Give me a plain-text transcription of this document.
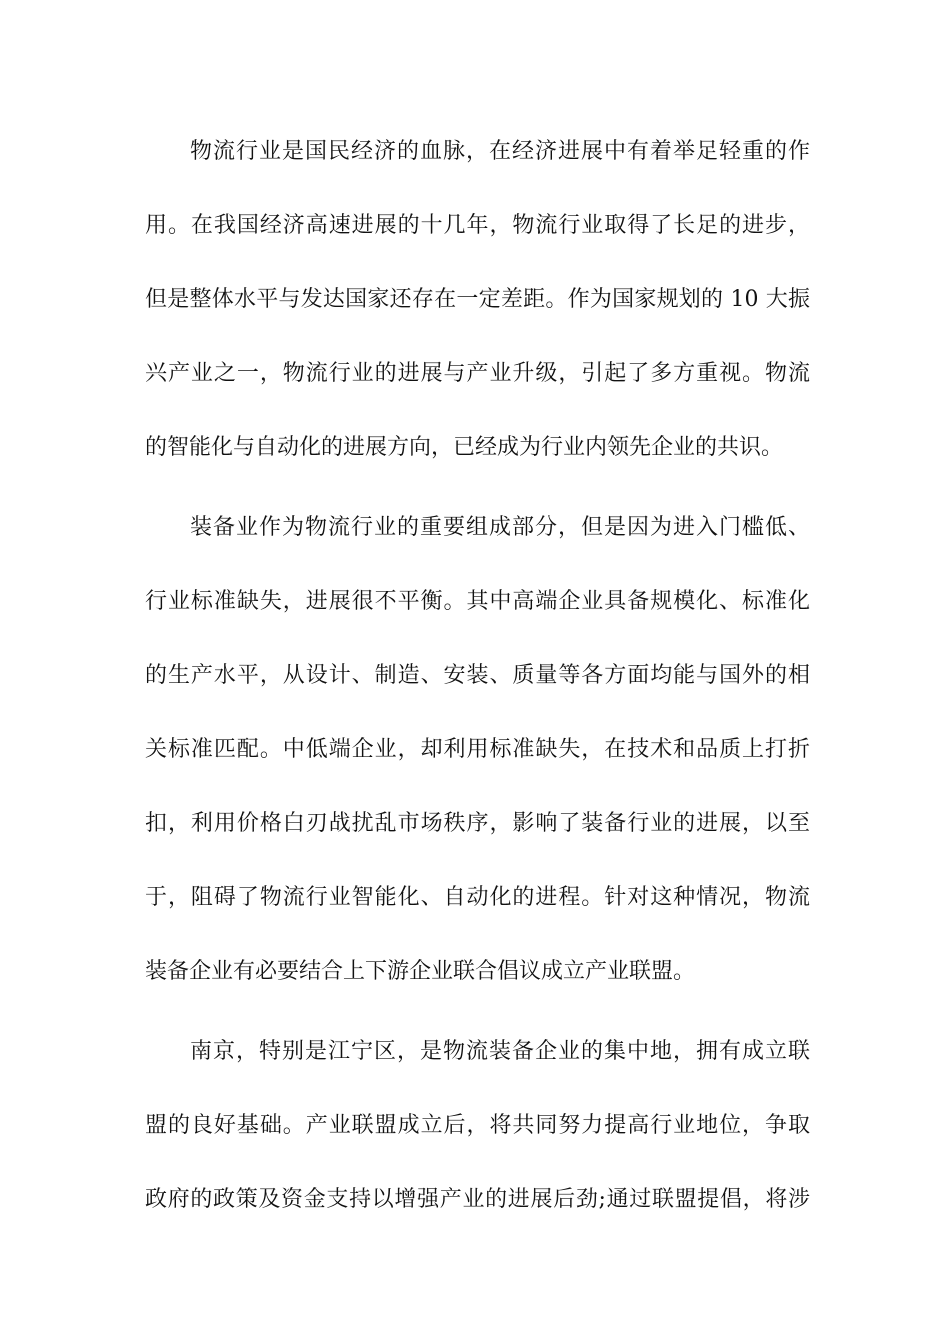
物流行业是国民经济的血脉，在经济进展中有着举足轻重的作
用。在我国经济高速进展的十几年，物流行业取得了长足的进步，
但是整体水平与发达国家还存在一定差距。作为国家规划的 10 大振
兴产业之一，物流行业的进展与产业升级，引起了多方重视。物流
的智能化与自动化的进展方向，已经成为行业内领先企业的共识。
装备业作为物流行业的重要组成部分，但是因为进入门槛低、
行业标准缺失，进展很不平衡。其中高端企业具备规模化、标准化
的生产水平，从设计、制造、安装、质量等各方面均能与国外的相
关标准匹配。中低端企业，却利用标准缺失，在技术和品质上打折
扣，利用价格白刃战扰乱市场秩序，影响了装备行业的进展，以至
于，阻碍了物流行业智能化、自动化的进程。针对这种情况，物流
装备企业有必要结合上下游企业联合倡议成立产业联盟。
南京，特别是江宁区，是物流装备企业的集中地，拥有成立联
盟的良好基础。产业联盟成立后，将共同努力提高行业地位，争取
政府的政策及资金支持以增强产业的进展后劲;通过联盟提倡，将涉
